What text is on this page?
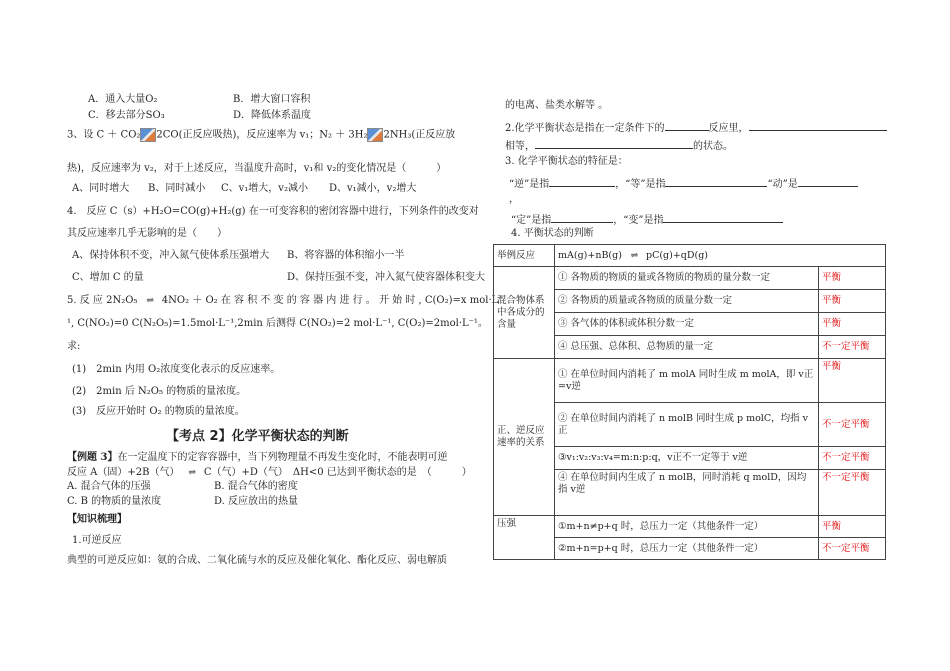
A．通入大量O₂	B．增大窗口容积
C．移去部分SO₃	D．降低体系温度
3、设 C ＋ CO₂ 2CO(正反应吸热)，反应速率为 v₁；N₂ ＋ 3H₂ 2NH₃(正反应放
热)，反应速率为 v₂，对于上述反应，当温度升高时，v₁和 v₂的变化情况是（　　　）
A、同时增大 B、同时减小 C、v₁增大，v₂减小 D、v₁减小，v₂增大
4.　反应 C（s）+H₂O=CO(g)+H₂(g) 在一可变容积的密闭容器中进行，下列条件的改变对
其反应速率几乎无影响的是（　　）
A、保持体积不变，冲入氮气使体系压强增大 B、将容器的体积缩小一半
C、增加 C 的量	D、保持压强不变，冲入氮气使容器体积变大
5. 反 应 2N₂O₅ ⇌ 4NO₂ ＋ O₂ 在 容 积 不 变 的 容 器 内 进 行 。 开 始 时 , C(O₂)=x mol·L⁻
¹, C(NO₂)=0 C(N₂O₅)=1.5mol·L⁻¹,2min 后测得 C(NO₂)=2 mol·L⁻¹, C(O₂)=2mol·L⁻¹。
求:
(1)　2min 内用 O₂浓度变化表示的反应速率。
(2)　2min 后 N₂O₅ 的物质的量浓度。
(3)　反应开始时 O₂ 的物质的量浓度。
【考点 2】化学平衡状态的判断
【例题 3】在一定温度下的定容容器中，当下列物理量不再发生变化时，不能表明可逆
反应 A（固）+2B（气） ⇌ C（气）+D（气）　ΔH<0 已达到平衡状态的是　（　　　）
A. 混合气体的压强	B. 混合气体的密度
C. B 的物质的量浓度	D. 反应放出的热量
【知识梳理】
1.可逆反应
典型的可逆反应如：氨的合成、二氧化硫与水的反应及催化氧化、酯化反应、弱电解质
的电离、盐类水解等 。
2.化学平衡状态是指在一定条件下的	反应里，
相等，	的状态。
3. 化学平衡状态的特征是：
“逆”是指	，“等”是指	“动”是
，
“定”是指	，“变”是指
4. 平衡状态的判断
举例反应	mA(g)+nB(g) ⇌ pC(g)+qD(g)	
混合物体系中各成分的含量	① 各物质的物质的量或各物质的物质的量分数一定	平衡
	② 各物质的质量或各物质的质量分数一定	平衡
	③ 各气体的体积或体积分数一定	平衡
	④ 总压强、总体积、总物质的量一定	不一定平衡
正、逆反应速率的关系	① 在单位时间内消耗了 m molA 同时生成 m molA，即 v正=v逆	平衡
	② 在单位时间内消耗了 n molB 同时生成 p molC，均指 v正	不一定平衡
	③v₁:v₂:v₃:v₄=m:n:p:q，v正不一定等于 v逆	不一定平衡
	④ 在单位时间内生成了 n molB，同时消耗 q molD，因均指 v逆	不一定平衡
压强	①m+n≠p+q 时，总压力一定（其他条件一定）	平衡
	②m+n=p+q 时，总压力一定（其他条件一定）	不一定平衡
